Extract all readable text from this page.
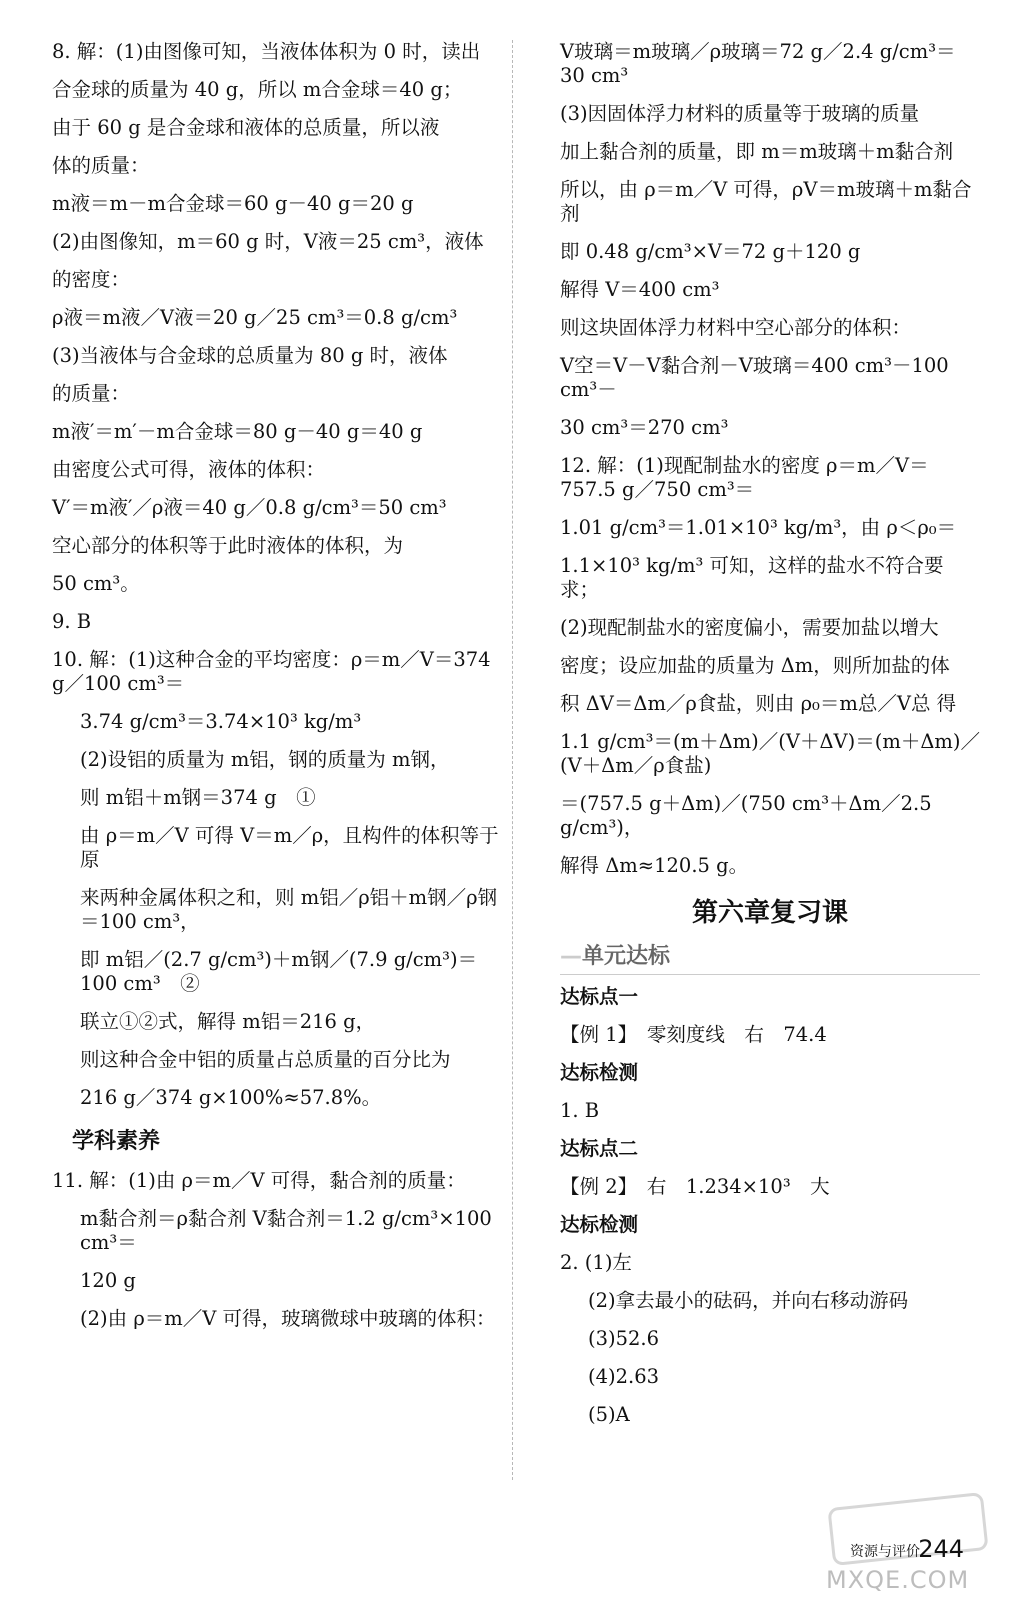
8. 解：(1)由图像可知，当液体体积为 0 时，读出

合金球的质量为 40 g，所以 m合金球＝40 g；

由于 60 g 是合金球和液体的总质量，所以液

体的质量：

m液＝m－m合金球＝60 g－40 g＝20 g

(2)由图像知，m＝60 g 时，V液＝25 cm³，液体

的密度：

ρ液＝m液／V液＝20 g／25 cm³＝0.8 g/cm³

(3)当液体与合金球的总质量为 80 g 时，液体

的质量：

m液′＝m′－m合金球＝80 g－40 g＝40 g

由密度公式可得，液体的体积：

V′＝m液′／ρ液＝40 g／0.8 g/cm³＝50 cm³

空心部分的体积等于此时液体的体积，为

50 cm³。

9. B

10. 解：(1)这种合金的平均密度：ρ＝m／V＝374 g／100 cm³＝

3.74 g/cm³＝3.74×10³ kg/m³

(2)设铝的质量为 m铝，钢的质量为 m钢，

则 m铝＋m钢＝374 g　①

由 ρ＝m／V 可得 V＝m／ρ，且构件的体积等于原

来两种金属体积之和，则 m铝／ρ铝＋m钢／ρ钢＝100 cm³，

即 m铝／(2.7 g/cm³)＋m钢／(7.9 g/cm³)＝100 cm³　②

联立①②式，解得 m铝＝216 g，

则这种合金中铝的质量占总质量的百分比为

216 g／374 g×100%≈57.8%。

学科素养

11. 解：(1)由 ρ＝m／V 可得，黏合剂的质量：

m黏合剂＝ρ黏合剂 V黏合剂＝1.2 g/cm³×100 cm³＝

120 g

(2)由 ρ＝m／V 可得，玻璃微球中玻璃的体积：

V玻璃＝m玻璃／ρ玻璃＝72 g／2.4 g/cm³＝30 cm³

(3)因固体浮力材料的质量等于玻璃的质量

加上黏合剂的质量，即 m＝m玻璃＋m黏合剂

所以，由 ρ＝m／V 可得，ρV＝m玻璃＋m黏合剂

即 0.48 g/cm³×V＝72 g＋120 g

解得 V＝400 cm³

则这块固体浮力材料中空心部分的体积：

V空＝V－V黏合剂－V玻璃＝400 cm³－100 cm³－

30 cm³＝270 cm³

12. 解：(1)现配制盐水的密度 ρ＝m／V＝757.5 g／750 cm³＝

1.01 g/cm³＝1.01×10³ kg/m³，由 ρ＜ρ₀＝

1.1×10³ kg/m³ 可知，这样的盐水不符合要求；

(2)现配制盐水的密度偏小，需要加盐以增大

密度；设应加盐的质量为 Δm，则所加盐的体

积 ΔV＝Δm／ρ食盐，则由 ρ₀＝m总／V总 得

1.1 g/cm³＝(m＋Δm)／(V＋ΔV)＝(m＋Δm)／(V＋Δm／ρ食盐)

＝(757.5 g＋Δm)／(750 cm³＋Δm／2.5 g/cm³)，

解得 Δm≈120.5 g。

第六章复习课
— 单元达标

达标点一

【例 1】　零刻度线　右　74.4

达标检测

1. B

达标点二

【例 2】　右　1.234×10³　大

达标检测

2. (1)左

(2)拿去最小的砝码，并向右移动游码

(3)52.6

(4)2.63

(5)A

资源与评价
244
MXQE.COM
